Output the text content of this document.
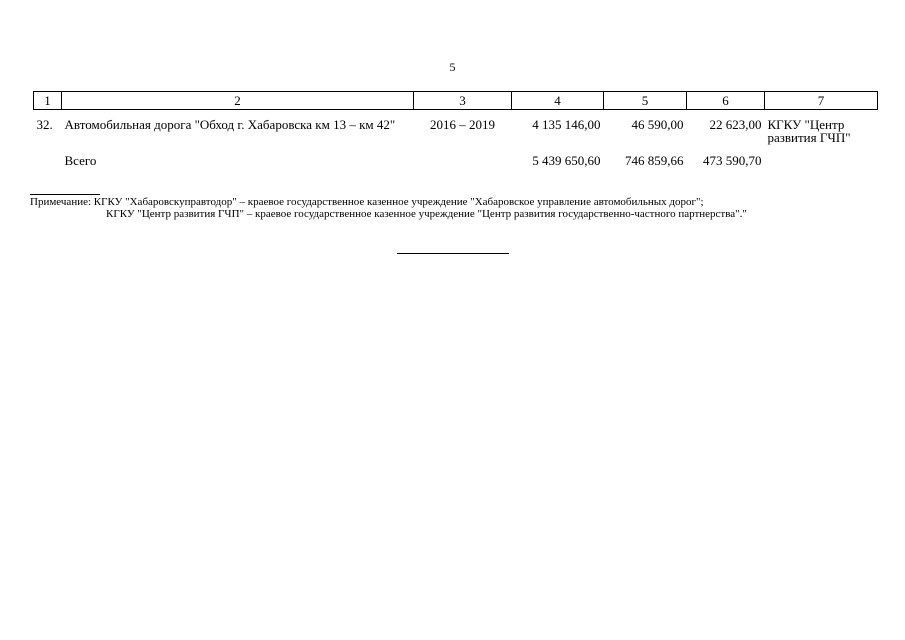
5
1	2	3	4	5	6	7
32.	Автомобильная дорога "Обход г. Хабаровска км 13 – км 42"	2016 – 2019	4 135 146,00	46 590,00	22 623,00	КГКУ "Центр развития ГЧП"
	Всего		5 439 650,60	746 859,66	473 590,70	
Примечание: КГКУ "Хабаровскуправтодор" – краевое государственное казенное учреждение "Хабаровское управление автомобильных дорог";
КГКУ "Центр развития ГЧП" – краевое государственное казенное учреждение "Центр развития государственно-частного партнерства"."
